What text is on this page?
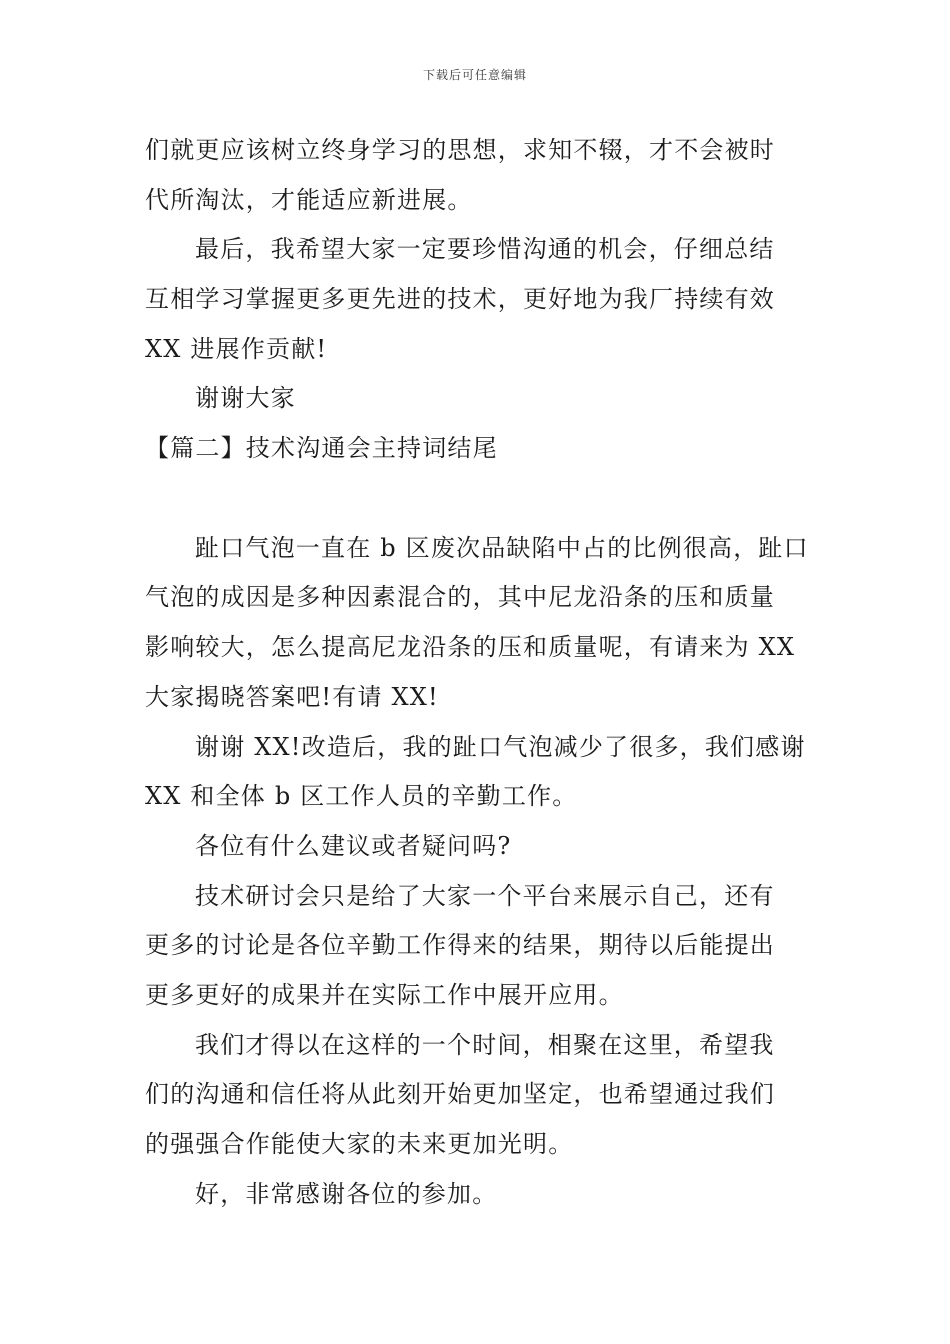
下载后可任意编辑
们就更应该树立终身学习的思想，求知不辍，才不会被时
代所淘汰，才能适应新进展。
最后，我希望大家一定要珍惜沟通的机会，仔细总结
互相学习掌握更多更先进的技术，更好地为我厂持续有效
XX 进展作贡献!
谢谢大家
【篇二】技术沟通会主持词结尾
趾口气泡一直在 b 区废次品缺陷中占的比例很高，趾口
气泡的成因是多种因素混合的，其中尼龙沿条的压和质量
影响较大，怎么提高尼龙沿条的压和质量呢，有请来为 XX
大家揭晓答案吧!有请 XX!
谢谢 XX!改造后，我的趾口气泡减少了很多，我们感谢
XX 和全体 b 区工作人员的辛勤工作。
各位有什么建议或者疑问吗?
技术研讨会只是给了大家一个平台来展示自己，还有
更多的讨论是各位辛勤工作得来的结果，期待以后能提出
更多更好的成果并在实际工作中展开应用。
我们才得以在这样的一个时间，相聚在这里，希望我
们的沟通和信任将从此刻开始更加坚定，也希望通过我们
的强强合作能使大家的未来更加光明。
好，非常感谢各位的参加。
